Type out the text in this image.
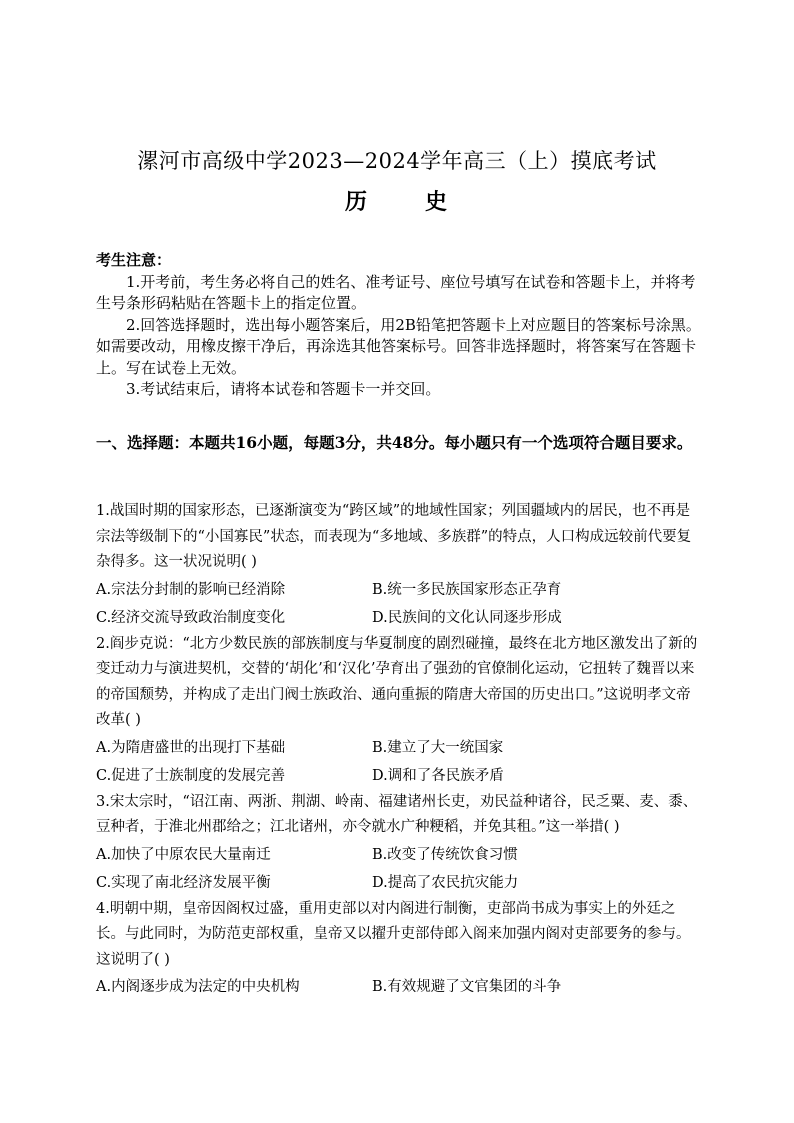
漯河市高级中学2023—2024学年高三（上）摸底考试
历	史

考生注意：

1.开考前，考生务必将自己的姓名、准考证号、座位号填写在试卷和答题卡上，并将考生号条形码粘贴在答题卡上的指定位置。

2.回答选择题时，选出每小题答案后，用2B铅笔把答题卡上对应题目的答案标号涂黑。如需要改动，用橡皮擦干净后，再涂选其他答案标号。回答非选择题时，将答案写在答题卡上。写在试卷上无效。

3.考试结束后，请将本试卷和答题卡一并交回。

一、选择题：本题共16小题，每题3分，共48分。每小题只有一个选项符合题目要求。

1.战国时期的国家形态，已逐渐演变为“跨区域”的地域性国家；列国疆域内的居民，也不再是宗法等级制下的“小国寡民”状态，而表现为“多地域、多族群”的特点，人口构成远较前代要复杂得多。这一状况说明( )

A.宗法分封制的影响已经消除	B.统一多民族国家形态正孕育
C.经济交流导致政治制度变化	D.民族间的文化认同逐步形成

2.阎步克说：“北方少数民族的部族制度与华夏制度的剧烈碰撞，最终在北方地区激发出了新的变迁动力与演进契机，交替的‘胡化’和‘汉化’孕育出了强劲的官僚制化运动，它扭转了魏晋以来的帝国颓势，并构成了走出门阀士族政治、通向重振的隋唐大帝国的历史出口。”这说明孝文帝改革( )

A.为隋唐盛世的出现打下基础	B.建立了大一统国家
C.促进了士族制度的发展完善	D.调和了各民族矛盾

3.宋太宗时，“诏江南、两浙、荆湖、岭南、福建诸州长吏，劝民益种诸谷，民乏粟、麦、黍、豆种者，于淮北州郡给之；江北诸州，亦令就水广种粳稻，并免其租。”这一举措( )

A.加快了中原农民大量南迁	B.改变了传统饮食习惯
C.实现了南北经济发展平衡	D.提高了农民抗灾能力

4.明朝中期，皇帝因阁权过盛，重用吏部以对内阁进行制衡，吏部尚书成为事实上的外廷之长。与此同时，为防范吏部权重，皇帝又以擢升吏部侍郎入阁来加强内阁对吏部要务的参与。这说明了( )

A.内阁逐步成为法定的中央机构	B.有效规避了文官集团的斗争
